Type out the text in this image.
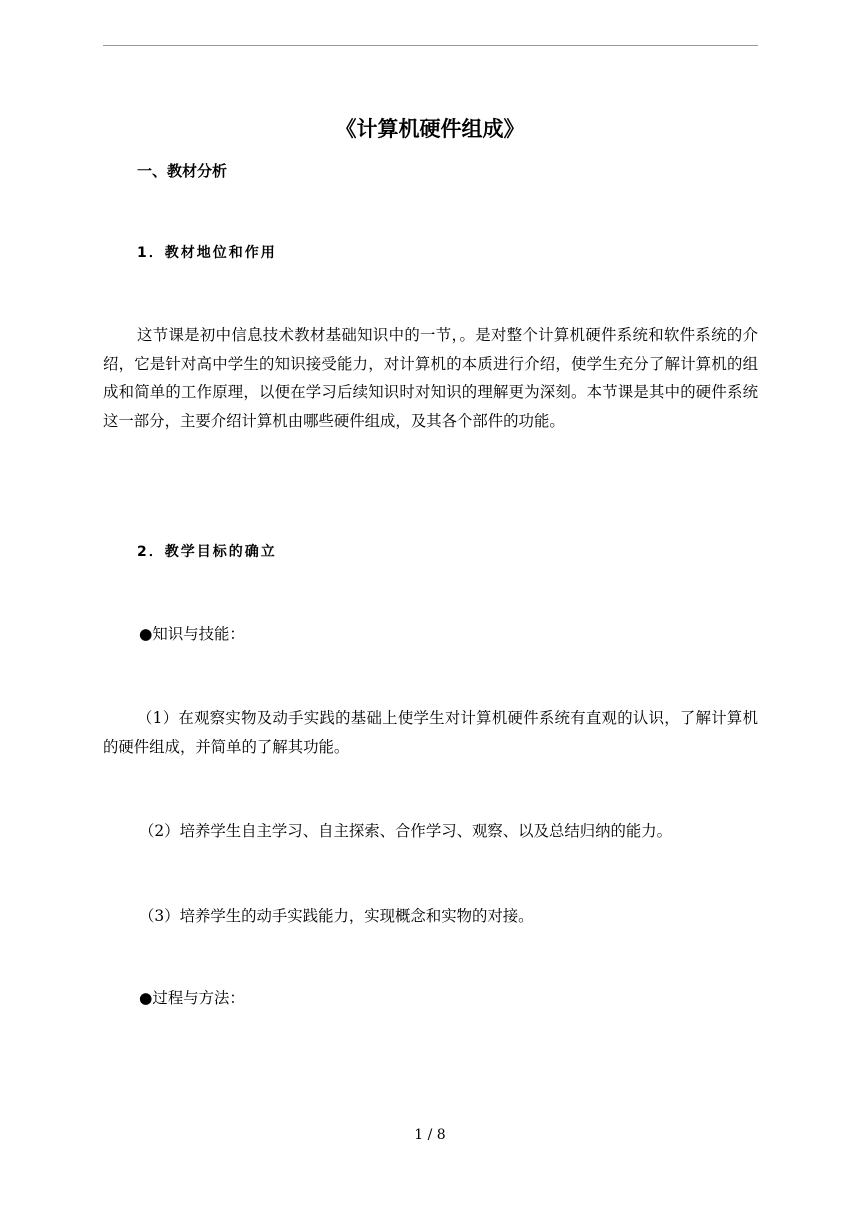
《计算机硬件组成》
一、教材分析
1．教材地位和作用
这节课是初中信息技术教材基础知识中的一节，。是对整个计算机硬件系统和软件系统的介绍，它是针对高中学生的知识接受能力，对计算机的本质进行介绍，使学生充分了解计算机的组成和简单的工作原理，以便在学习后续知识时对知识的理解更为深刻。本节课是其中的硬件系统这一部分，主要介绍计算机由哪些硬件组成，及其各个部件的功能。
2．教学目标的确立
●知识与技能：
（1）在观察实物及动手实践的基础上使学生对计算机硬件系统有直观的认识，了解计算机的硬件组成，并简单的了解其功能。
（2）培养学生自主学习、自主探索、合作学习、观察、以及总结归纳的能力。
（3）培养学生的动手实践能力，实现概念和实物的对接。
●过程与方法：
1 / 8
